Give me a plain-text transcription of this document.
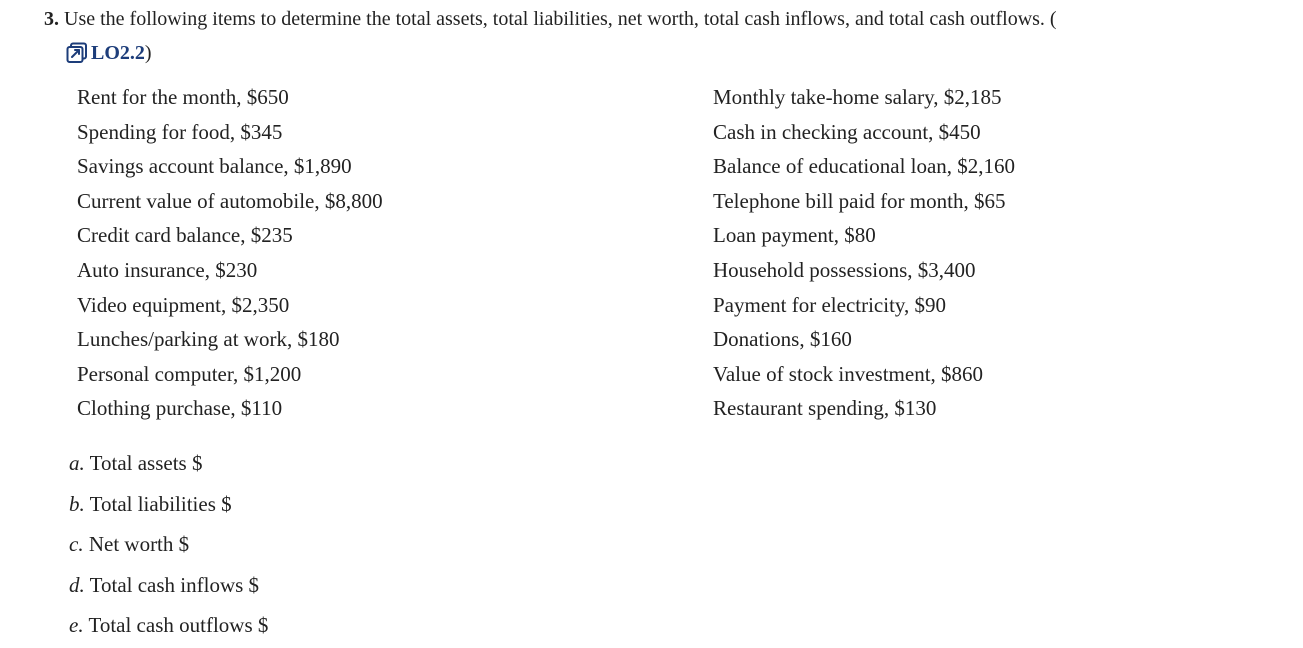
3. Use the following items to determine the total assets, total liabilities, net worth, total cash inflows, and total cash outflows. (
LO2.2 )
Rent for the month, $650
Spending for food, $345
Savings account balance, $1,890
Current value of automobile, $8,800
Credit card balance, $235
Auto insurance, $230
Video equipment, $2,350
Lunches/parking at work, $180
Personal computer, $1,200
Clothing purchase, $110
Monthly take-home salary, $2,185
Cash in checking account, $450
Balance of educational loan, $2,160
Telephone bill paid for month, $65
Loan payment, $80
Household possessions, $3,400
Payment for electricity, $90
Donations, $160
Value of stock investment, $860
Restaurant spending, $130
a. Total assets $
b. Total liabilities $
c. Net worth $
d. Total cash inflows $
e. Total cash outflows $
